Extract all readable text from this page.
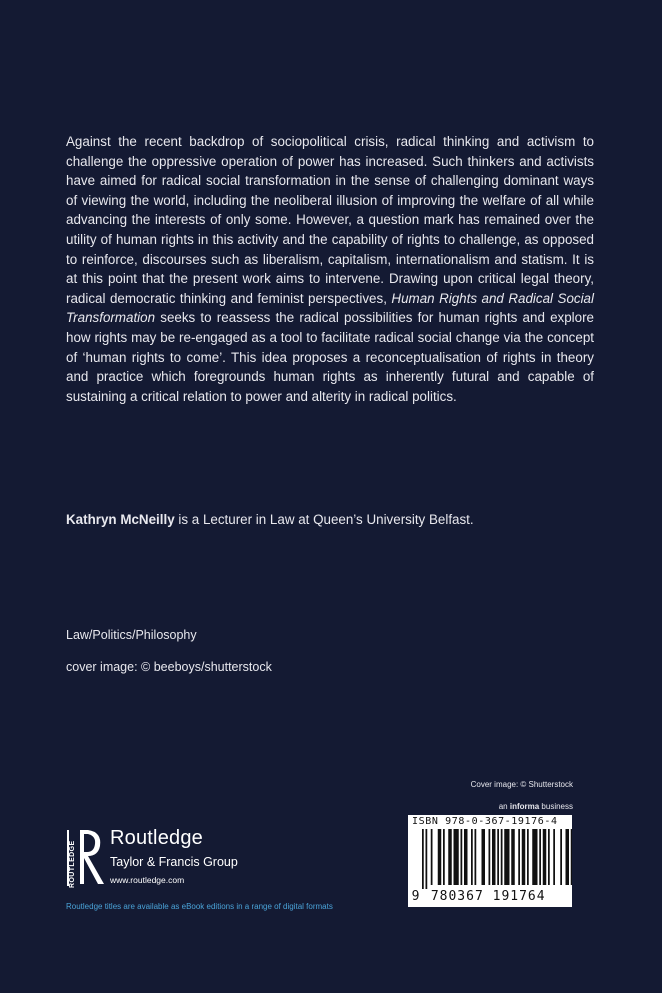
Against the recent backdrop of sociopolitical crisis, radical thinking and activism to challenge the oppressive operation of power has increased. Such thinkers and activists have aimed for radical social transformation in the sense of challenging dominant ways of viewing the world, including the neoliberal illusion of improving the welfare of all while advancing the interests of only some. However, a question mark has remained over the utility of human rights in this activity and the capability of rights to challenge, as opposed to reinforce, discourses such as liberalism, capitalism, internationalism and statism. It is at this point that the present work aims to intervene. Drawing upon critical legal theory, radical democratic thinking and feminist perspectives, Human Rights and Radical Social Transformation seeks to reassess the radical possibilities for human rights and explore how rights may be re-engaged as a tool to facilitate radical social change via the concept of ‘human rights to come’. This idea proposes a reconceptualisation of rights in theory and practice which foregrounds human rights as inherently futural and capable of sustaining a critical relation to power and alterity in radical politics.

Kathryn McNeilly is a Lecturer in Law at Queen’s University Belfast.

Law/Politics/Philosophy

cover image: © beeboys/shutterstock

Cover image: © Shutterstock

an informa business

ISBN 978-0-367-19176-4

9 780367 191764

ROUTLEDGE

Routledge

Taylor & Francis Group

www.routledge.com

Routledge titles are available as eBook editions in a range of digital formats
